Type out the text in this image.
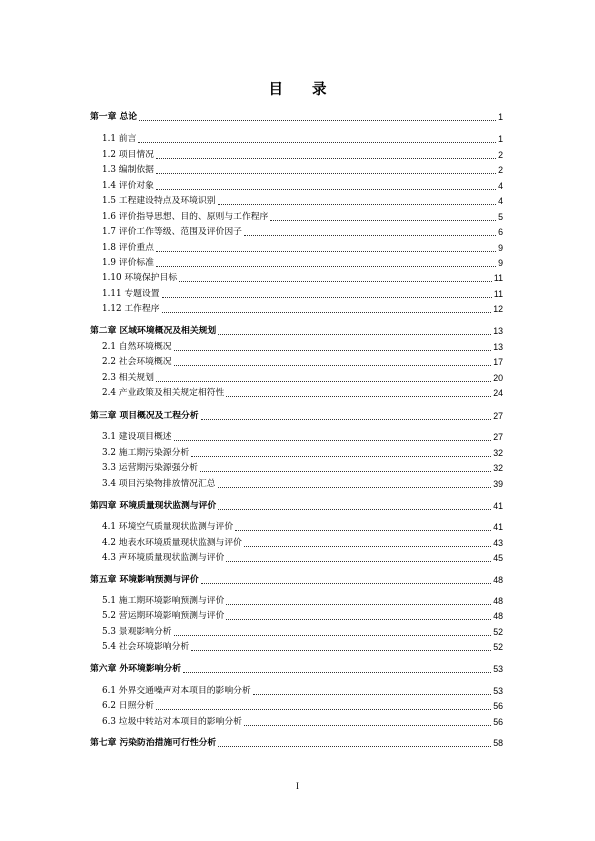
目 录
第一章 总论	1
1.1 前言	1
1.2 项目情况	2
1.3 编制依据	2
1.4 评价对象	4
1.5 工程建设特点及环境识别	4
1.6 评价指导思想、目的、原则与工作程序	5
1.7 评价工作等级、范围及评价因子	6
1.8 评价重点	9
1.9 评价标准	9
1.10 环境保护目标	11
1.11 专题设置	11
1.12 工作程序	12
第二章 区域环境概况及相关规划	13
2.1 自然环境概况	13
2.2 社会环境概况	17
2.3 相关规划	20
2.4 产业政策及相关规定相符性	24
第三章 项目概况及工程分析	27
3.1 建设项目概述	27
3.2 施工期污染源分析	32
3.3 运营期污染源强分析	32
3.4 项目污染物排放情况汇总	39
第四章 环境质量现状监测与评价	41
4.1 环境空气质量现状监测与评价	41
4.2 地表水环境质量现状监测与评价	43
4.3 声环境质量现状监测与评价	45
第五章 环境影响预测与评价	48
5.1 施工期环境影响预测与评价	48
5.2 营运期环境影响预测与评价	48
5.3 景观影响分析	52
5.4 社会环境影响分析	52
第六章 外环境影响分析	53
6.1 外界交通噪声对本项目的影响分析	53
6.2 日照分析	56
6.3 垃圾中转站对本项目的影响分析	56
第七章 污染防治措施可行性分析	58
I
